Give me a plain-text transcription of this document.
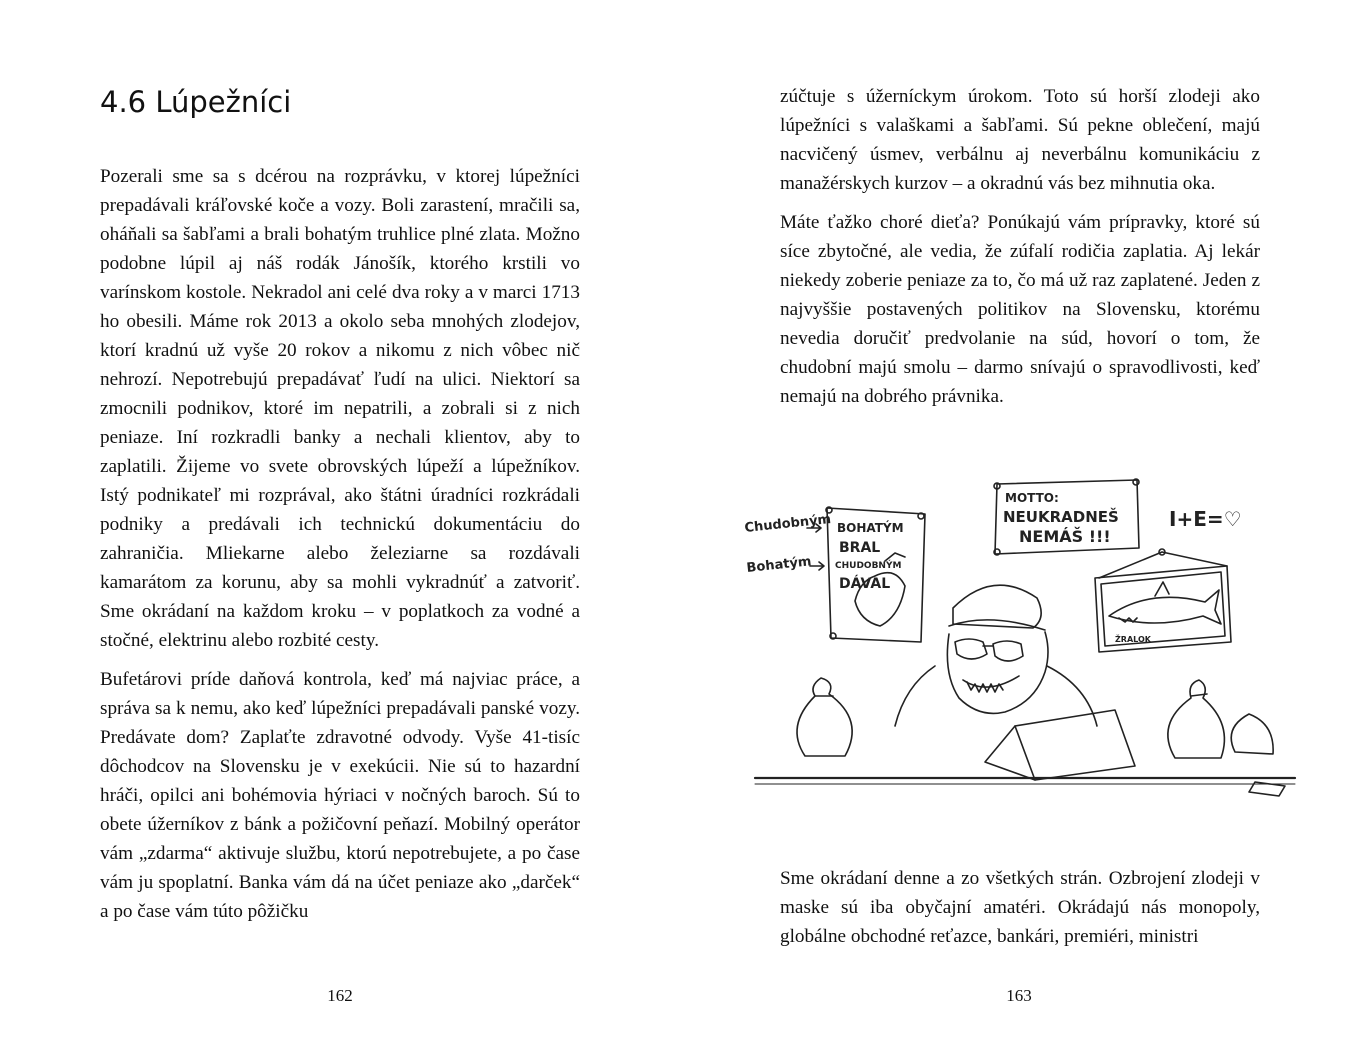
4.6 Lúpežníci

Pozerali sme sa s dcérou na rozprávku, v ktorej lúpežníci prepadávali kráľovské koče a vozy. Boli zarastení, mračili sa, oháňali sa šabľami a brali bohatým truhlice plné zlata. Možno podobne lúpil aj náš rodák Jánošík, ktorého krstili vo varínskom kostole. Nekradol ani celé dva roky a v marci 1713 ho obesili. Máme rok 2013 a okolo seba mnohých zlodejov, ktorí kradnú už vyše 20 rokov a nikomu z nich vôbec nič nehrozí. Nepotrebujú prepadávať ľudí na ulici. Niektorí sa zmocnili podnikov, ktoré im nepatrili, a zobrali si z nich peniaze. Iní rozkradli banky a nechali klientov, aby to zaplatili. Žijeme vo svete obrovských lúpeží a lúpežníkov. Istý podnikateľ mi rozprával, ako štátni úradníci rozkrádali podniky a predávali ich technickú dokumentáciu do zahraničia. Mliekarne alebo železiarne sa rozdávali kamarátom za korunu, aby sa mohli vykradnúť a zatvoriť. Sme okrádaní na každom kroku – v poplatkoch za vodné a stočné, elektrinu alebo rozbité cesty.

Bufetárovi príde daňová kontrola, keď má najviac práce, a správa sa k nemu, ako keď lúpežníci prepadávali panské vozy. Predávate dom? Zaplaťte zdravotné odvody. Vyše 41-tisíc dôchodcov na Slovensku je v exekúcii. Nie sú to hazardní hráči, opilci ani bohémovia hýriaci v nočných baroch. Sú to obete úžerníkov z bánk a požičovní peňazí. Mobilný operátor vám „zdarma“ aktivuje službu, ktorú nepotrebujete, a po čase vám ju spoplatní. Banka vám dá na účet peniaze ako „darček“ a po čase vám túto pôžičku

162

zúčtuje s úžerníckym úrokom. Toto sú horší zlodeji ako lúpežníci s valaškami a šabľami. Sú pekne oblečení, majú nacvičený úsmev, verbálnu aj neverbálnu komunikáciu z manažérskych kurzov – a okradnú vás bez mihnutia oka.

Máte ťažko choré dieťa? Ponúkajú vám prípravky, ktoré sú síce zbytočné, ale vedia, že zúfalí rodičia zaplatia. Aj lekár niekedy zoberie peniaze za to, čo má už raz zaplatené. Jeden z najvyššie postavených politikov na Slovensku, ktorému nevedia doručiť predvolanie na súd, hovorí o tom, že chudobní majú smolu – darmo snívajú o spravodlivosti, keď nemajú na dobrého právnika.

Chudobným
Bohatým
BOHATÝM
BRAL
CHUDOBNÝM
DÁVAL
MOTTO:
NEUKRADNEŠ
NEMÁŠ !!!
I+E=♡
ŽRALOK

Sme okrádaní denne a zo všetkých strán. Ozbrojení zlodeji v maske sú iba obyčajní amatéri. Okrádajú nás monopoly, globálne obchodné reťazce, bankári, premiéri, ministri

163
